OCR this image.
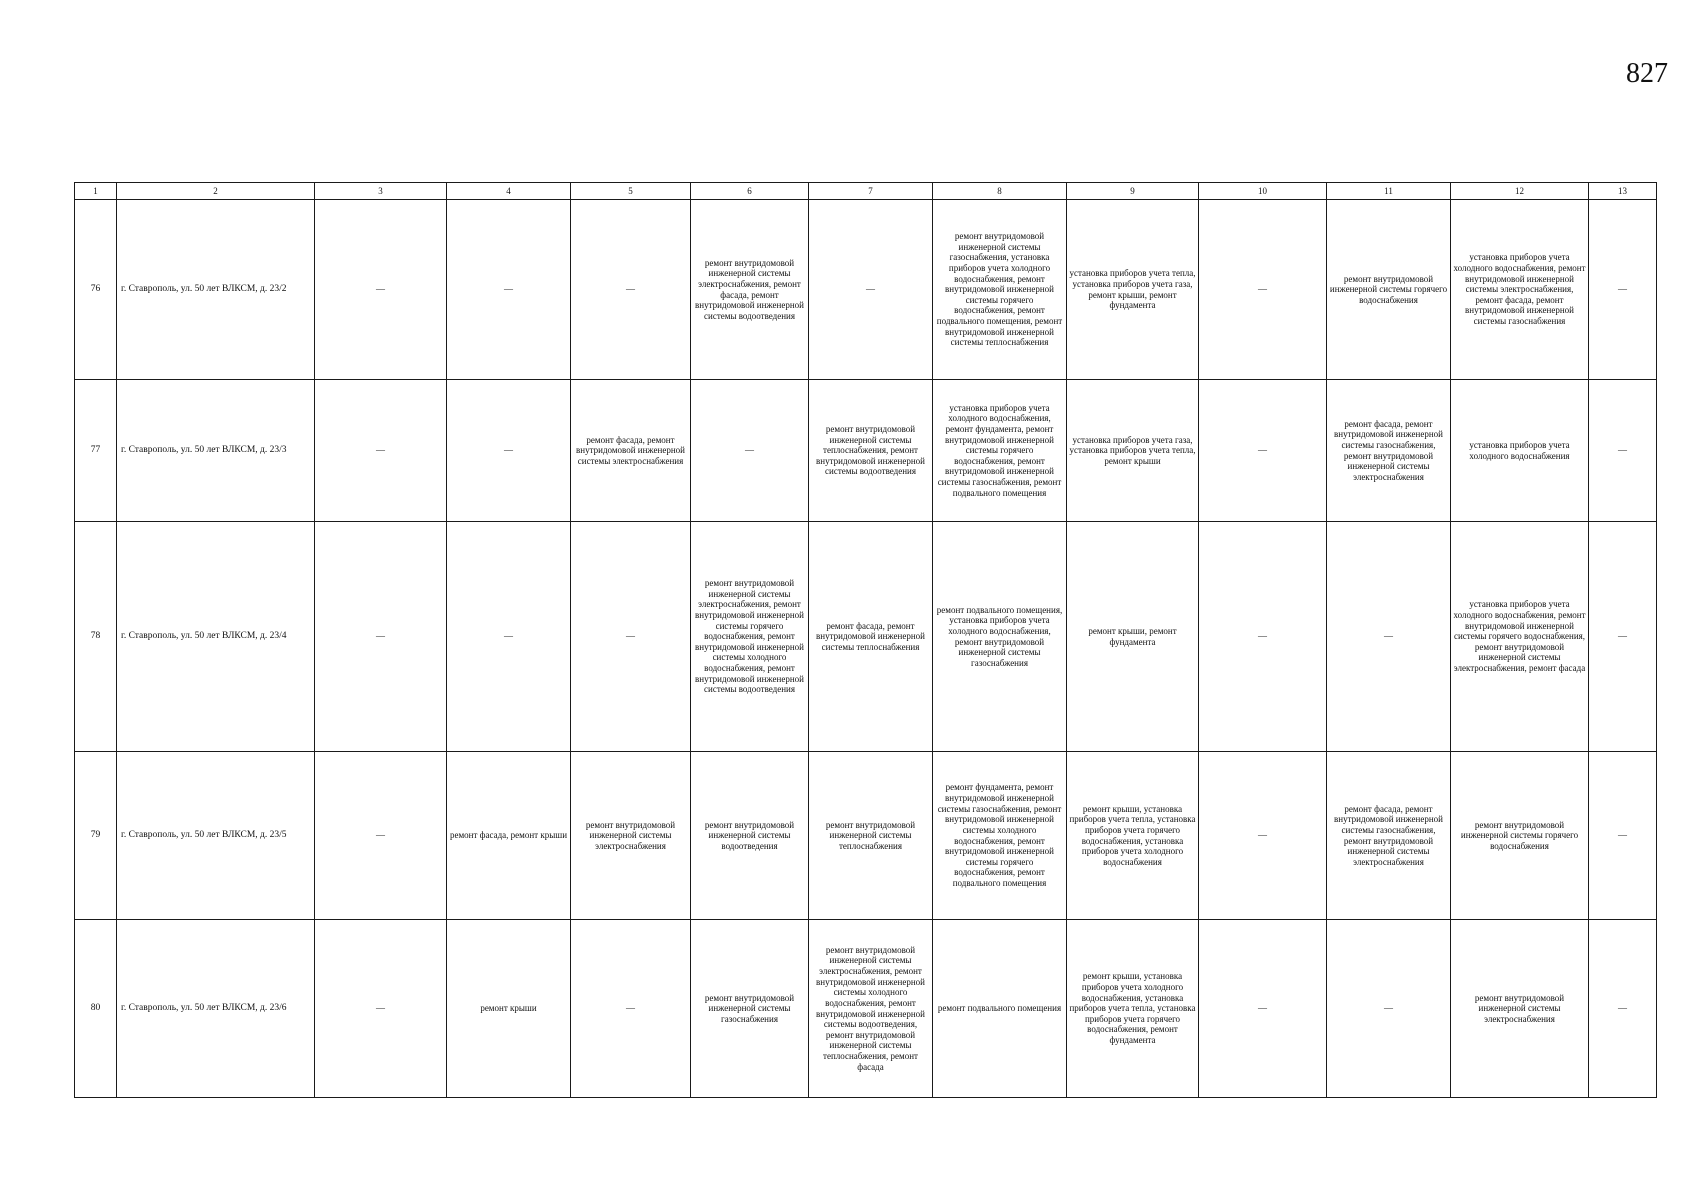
827
1	2	3	4	5	6	7	8	9	10	11	12	13
76	г. Ставрополь, ул. 50 лет ВЛКСМ, д. 23/2	—	—	—	ремонт внутридомовой инженерной системы электроснабжения, ремонт фасада, ремонт внутридомовой инженерной системы водоотведения	—	ремонт внутридомовой инженерной системы газоснабжения, установка приборов учета холодного водоснабжения, ремонт внутридомовой инженерной системы горячего водоснабжения, ремонт подвального помещения, ремонт внутридомовой инженерной системы теплоснабжения	установка приборов учета тепла, установка приборов учета газа, ремонт крыши, ремонт фундамента	—	ремонт внутридомовой инженерной системы горячего водоснабжения	установка приборов учета холодного водоснабжения, ремонт внутридомовой инженерной системы электроснабжения, ремонт фасада, ремонт внутридомовой инженерной системы газоснабжения	—
77	г. Ставрополь, ул. 50 лет ВЛКСМ, д. 23/3	—	—	ремонт фасада, ремонт внутридомовой инженерной системы электроснабжения	—	ремонт внутридомовой инженерной системы теплоснабжения, ремонт внутридомовой инженерной системы водоотведения	установка приборов учета холодного водоснабжения, ремонт фундамента, ремонт внутридомовой инженерной системы горячего водоснабжения, ремонт внутридомовой инженерной системы газоснабжения, ремонт подвального помещения	установка приборов учета газа, установка приборов учета тепла, ремонт крыши	—	ремонт фасада, ремонт внутридомовой инженерной системы газоснабжения, ремонт внутридомовой инженерной системы электроснабжения	установка приборов учета холодного водоснабжения	—
78	г. Ставрополь, ул. 50 лет ВЛКСМ, д. 23/4	—	—	—	ремонт внутридомовой инженерной системы электроснабжения, ремонт внутридомовой инженерной системы горячего водоснабжения, ремонт внутридомовой инженерной системы холодного водоснабжения, ремонт внутридомовой инженерной системы водоотведения	ремонт фасада, ремонт внутридомовой инженерной системы теплоснабжения	ремонт подвального помещения, установка приборов учета холодного водоснабжения, ремонт внутридомовой инженерной системы газоснабжения	ремонт крыши, ремонт фундамента	—	—	установка приборов учета холодного водоснабжения, ремонт внутридомовой инженерной системы горячего водоснабжения, ремонт внутридомовой инженерной системы электроснабжения, ремонт фасада	—
79	г. Ставрополь, ул. 50 лет ВЛКСМ, д. 23/5	—	ремонт фасада, ремонт крыши	ремонт внутридомовой инженерной системы электроснабжения	ремонт внутридомовой инженерной системы водоотведения	ремонт внутридомовой инженерной системы теплоснабжения	ремонт фундамента, ремонт внутридомовой инженерной системы газоснабжения, ремонт внутридомовой инженерной системы холодного водоснабжения, ремонт внутридомовой инженерной системы горячего водоснабжения, ремонт подвального помещения	ремонт крыши, установка приборов учета тепла, установка приборов учета горячего водоснабжения, установка приборов учета холодного водоснабжения	—	ремонт фасада, ремонт внутридомовой инженерной системы газоснабжения, ремонт внутридомовой инженерной системы электроснабжения	ремонт внутридомовой инженерной системы горячего водоснабжения	—
80	г. Ставрополь, ул. 50 лет ВЛКСМ, д. 23/6	—	ремонт крыши	—	ремонт внутридомовой инженерной системы газоснабжения	ремонт внутридомовой инженерной системы электроснабжения, ремонт внутридомовой инженерной системы холодного водоснабжения, ремонт внутридомовой инженерной системы водоотведения, ремонт внутридомовой инженерной системы теплоснабжения, ремонт фасада	ремонт подвального помещения	ремонт крыши, установка приборов учета холодного водоснабжения, установка приборов учета тепла, установка приборов учета горячего водоснабжения, ремонт фундамента	—	—	ремонт внутридомовой инженерной системы электроснабжения	—
